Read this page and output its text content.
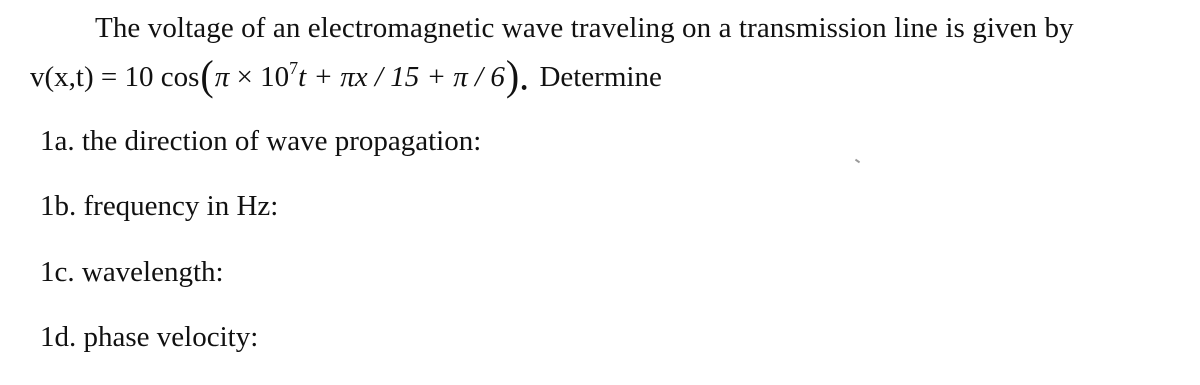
The voltage of an electromagnetic wave traveling on a transmission line is given by
v(x,t) = 10 $\cos(\pi \times 10^7t + \pi x / 15 + \pi / 6)$. Determine
1a. the direction of wave propagation:
1b. frequency in Hz:
1c. wavelength:
1d. phase velocity:
